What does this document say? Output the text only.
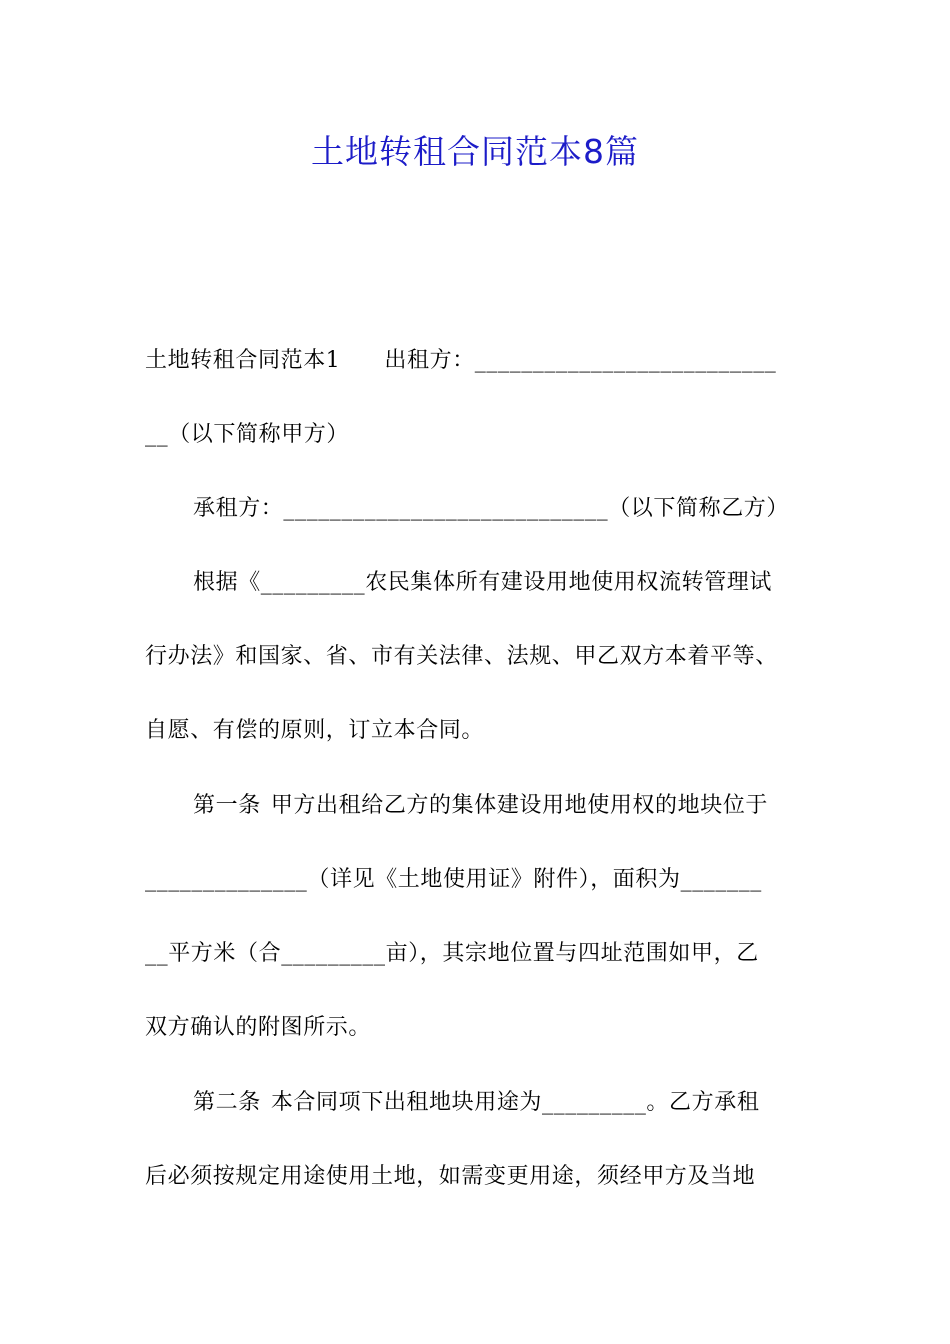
土地转租合同范本8篇
土地转租合同范本1 出租方：__________________________
__（以下简称甲方）
承租方：____________________________（以下简称乙方）
根据《_________农民集体所有建设用地使用权流转管理试
行办法》和国家、省、市有关法律、法规、甲乙双方本着平等、
自愿、有偿的原则，订立本合同。
第一条 甲方出租给乙方的集体建设用地使用权的地块位于
______________（详见《土地使用证》附件），面积为_______
__平方米（合_________亩），其宗地位置与四址范围如甲，乙
双方确认的附图所示。
第二条 本合同项下出租地块用途为_________。乙方承租
后必须按规定用途使用土地，如需变更用途，须经甲方及当地
